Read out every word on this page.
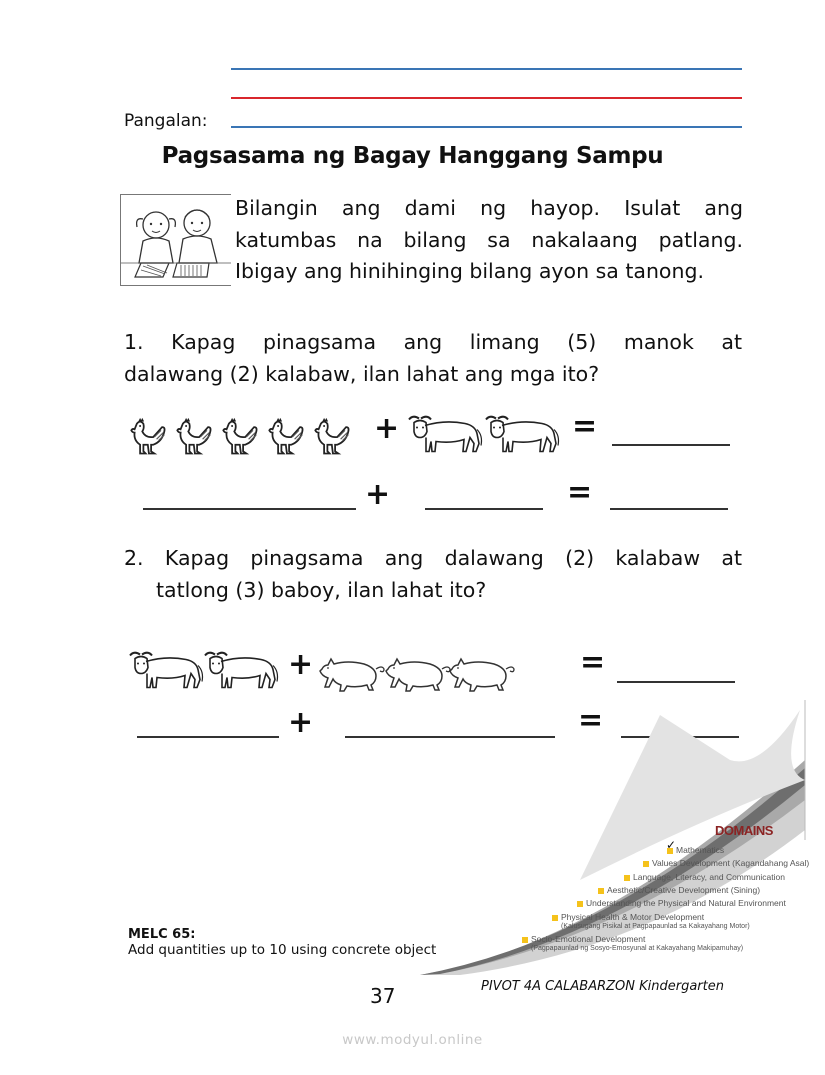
Pangalan:
Pagsasama ng Bagay Hanggang Sampu
Bilangin ang dami ng hayop. Isulat ang
katumbas na bilang sa nakalaang patlang.
Ibigay ang hinihinging bilang ayon sa tanong.
1. Kapag pinagsama ang limang (5) manok at
dalawang (2) kalabaw, ilan lahat ang mga ito?
+	=
+	=
2. Kapag pinagsama ang dalawang (2) kalabaw at
tatlong (3) baboy, ilan lahat ito?
+	=
+	=
DOMAINS
✓ Mathematics
Values Development (Kagandahang Asal)
Language, Literacy, and Communication
Aesthetic/Creative Development (Sining)
Understanding the Physical and Natural Environment
Physical Health & Motor Development
(Kalusugang Pisikal at Pagpapaunlad sa Kakayahang Motor)
Socio-Emotional Development
(Pagpapaunlad ng Sosyo-Emosyunal at Kakayahang Makipamuhay)
MELC 65:
Add quantities up to 10 using concrete object
37	PIVOT 4A CALABARZON Kindergarten
www.modyul.online
